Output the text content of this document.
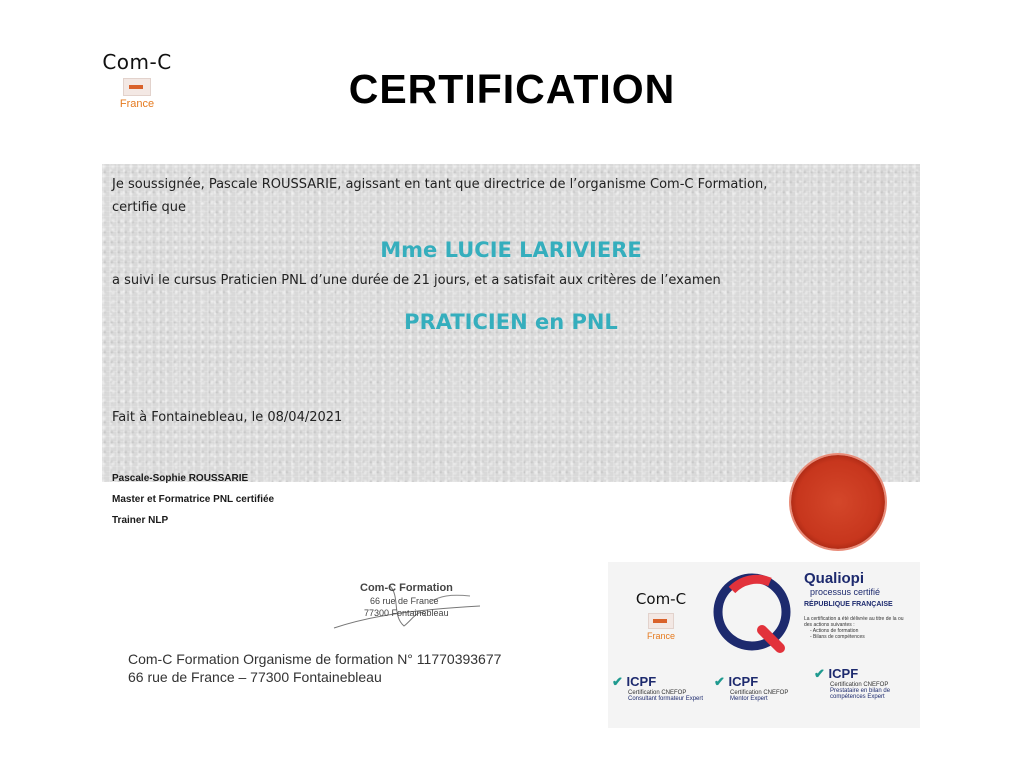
Com-C
France	CERTIFICATION
Je soussignée, Pascale ROUSSARIE, agissant en tant que directrice de l’organisme Com-C Formation,
certifie que
Mme LUCIE LARIVIERE
a suivi le cursus Praticien PNL d’une durée de 21 jours, et a satisfait aux critères de l’examen
PRATICIEN en PNL
Fait à Fontainebleau, le 08/04/2021
Pascale-Sophie ROUSSARIE
Master et Formatrice PNL certifiée
Trainer NLP
Com-C Formation
66 rue de France
77300 Fontainebleau
Com-C Formation Organisme de formation N° 11770393677
66 rue de France – 77300 Fontainebleau
Com-C
France
Qualiopi
processus certifié
RÉPUBLIQUE FRANÇAISE
La certification a été délivrée au titre de la ou des actions suivantes :
- Actions de formation
- Bilans de compétences
✔ ICPF
Certification CNEFOP
Consultant formateur Expert
✔ ICPF
Certification CNEFOP
Mentor Expert
✔ ICPF
Certification CNEFOP
Prestataire en bilan de compétences Expert
